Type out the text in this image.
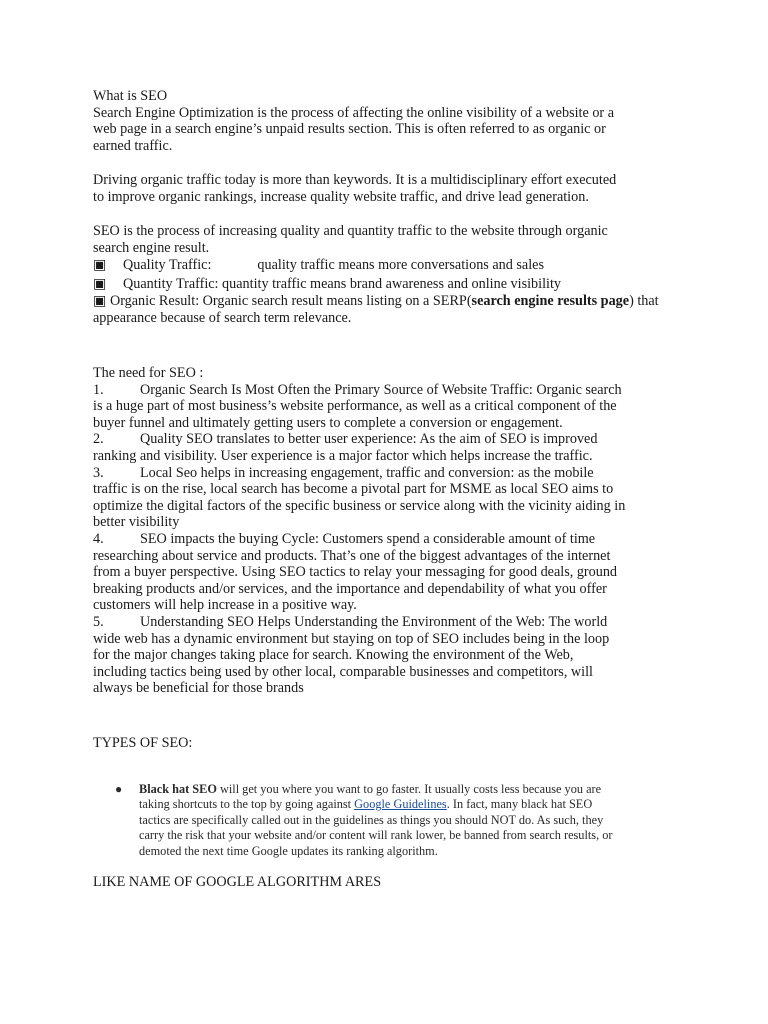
What is SEO

Search Engine Optimization is the process of affecting the online visibility of a website or a

web page in a search engine’s unpaid results section. This is often referred to as organic or

earned traffic.

Driving organic traffic today is more than keywords. It is a multidisciplinary effort executed

to improve organic rankings, increase quality website traffic, and drive lead generation.

SEO is the process of increasing quality and quantity traffic to the website through organic

search engine result.

▣ Quality Traffic:	quality traffic means more conversations and sales

▣ Quantity Traffic: quantity traffic means brand awareness and online visibility

▣ Organic Result: Organic search result means listing on a SERP(search engine results page) that appearance because of search term relevance.

The need for SEO :

1.	Organic Search Is Most Often the Primary Source of Website Traffic: Organic search

is a huge part of most business’s website performance, as well as a critical component of the

buyer funnel and ultimately getting users to complete a conversion or engagement.

2.	Quality SEO translates to better user experience: As the aim of SEO is improved

ranking and visibility. User experience is a major factor which helps increase the traffic.

3.	Local Seo helps in increasing engagement, traffic and conversion: as the mobile

traffic is on the rise, local search has become a pivotal part for MSME as local SEO aims to

optimize the digital factors of the specific business or service along with the vicinity aiding in

better visibility

4.	SEO impacts the buying Cycle: Customers spend a considerable amount of time

researching about service and products. That’s one of the biggest advantages of the internet

from a buyer perspective. Using SEO tactics to relay your messaging for good deals, ground

breaking products and/or services, and the importance and dependability of what you offer

customers will help increase in a positive way.

5.	Understanding SEO Helps Understanding the Environment of the Web: The world

wide web has a dynamic environment but staying on top of SEO includes being in the loop

for the major changes taking place for search. Knowing the environment of the Web,

including tactics being used by other local, comparable businesses and competitors, will

always be beneficial for those brands

TYPES OF SEO:
● Black hat SEO will get you where you want to go faster. It usually costs less because you are

taking shortcuts to the top by going against Google Guidelines. In fact, many black hat SEO

tactics are specifically called out in the guidelines as things you should NOT do. As such, they

carry the risk that your website and/or content will rank lower, be banned from search results, or

demoted the next time Google updates its ranking algorithm.

LIKE NAME OF GOOGLE ALGORITHM ARES
